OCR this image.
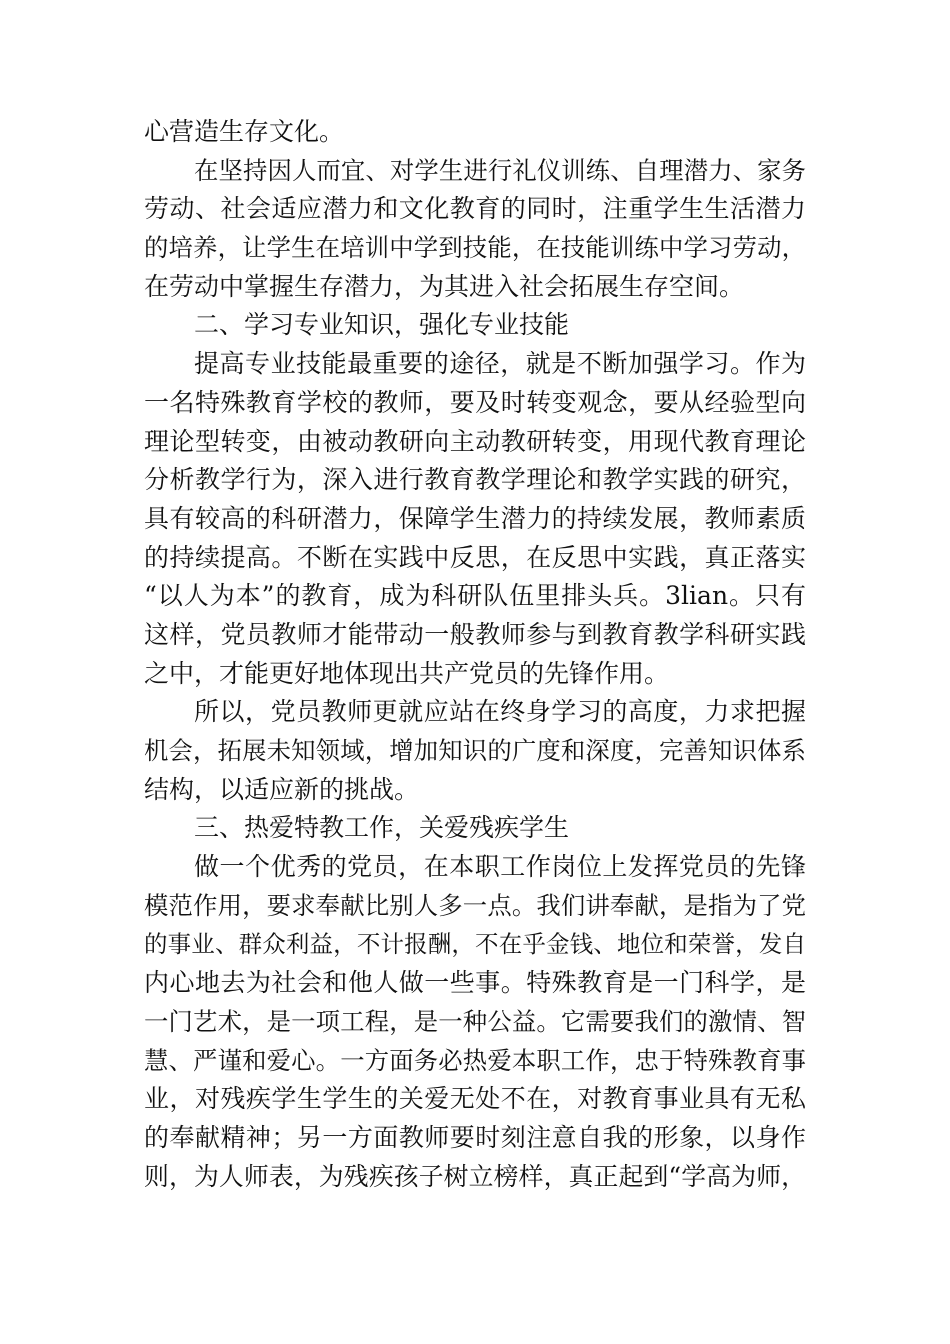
心营造生存文化。
在坚持因人而宜、对学生进行礼仪训练、自理潜力、家务
劳动、社会适应潜力和文化教育的同时，注重学生生活潜力
的培养，让学生在培训中学到技能，在技能训练中学习劳动，
在劳动中掌握生存潜力，为其进入社会拓展生存空间。
二、学习专业知识，强化专业技能
提高专业技能最重要的途径，就是不断加强学习。作为
一名特殊教育学校的教师，要及时转变观念，要从经验型向
理论型转变，由被动教研向主动教研转变，用现代教育理论
分析教学行为，深入进行教育教学理论和教学实践的研究，
具有较高的科研潜力，保障学生潜力的持续发展，教师素质
的持续提高。不断在实践中反思，在反思中实践，真正落实
“以人为本”的教育，成为科研队伍里排头兵。3lian。只有
这样，党员教师才能带动一般教师参与到教育教学科研实践
之中，才能更好地体现出共产党员的先锋作用。
所以，党员教师更就应站在终身学习的高度，力求把握
机会，拓展未知领域，增加知识的广度和深度，完善知识体系
结构，以适应新的挑战。
三、热爱特教工作，关爱残疾学生
做一个优秀的党员，在本职工作岗位上发挥党员的先锋
模范作用，要求奉献比别人多一点。我们讲奉献，是指为了党
的事业、群众利益，不计报酬，不在乎金钱、地位和荣誉，发自
内心地去为社会和他人做一些事。特殊教育是一门科学，是
一门艺术，是一项工程，是一种公益。它需要我们的激情、智
慧、严谨和爱心。一方面务必热爱本职工作，忠于特殊教育事
业，对残疾学生学生的关爱无处不在，对教育事业具有无私
的奉献精神；另一方面教师要时刻注意自我的形象，以身作
则，为人师表，为残疾孩子树立榜样，真正起到“学高为师，
